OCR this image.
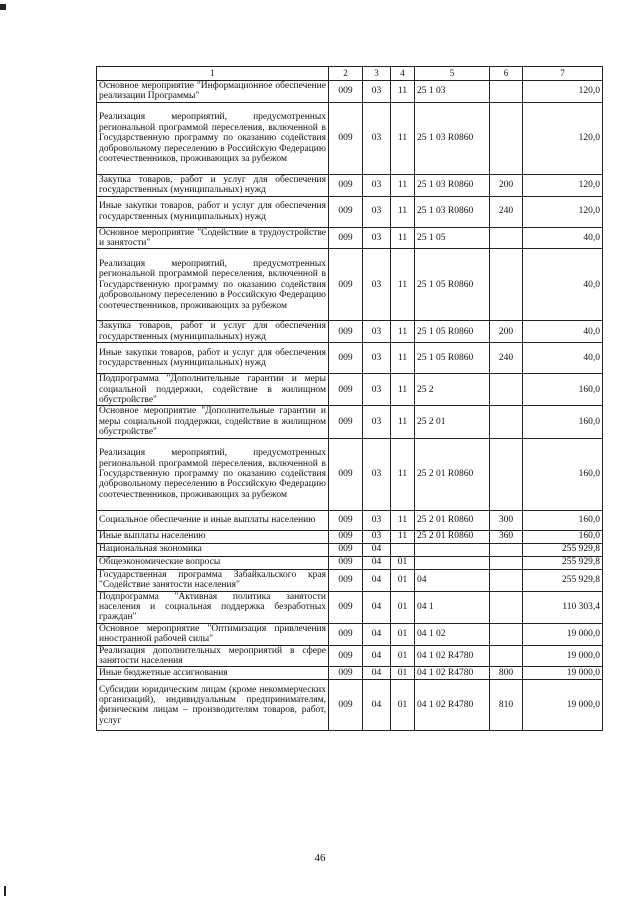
1	2	3	4	5	6	7
Основное мероприятие "Информационное обеспечение реализации Программы"	009	03	11	25 1 03		120,0
Реализация мероприятий, предусмотренных региональной программой переселения, включенной в Государственную программу по оказанию содействия добровольному переселению в Российскую Федерацию соотечественников, проживающих за рубежом	009	03	11	25 1 03 R0860		120,0
Закупка товаров, работ и услуг для обеспечения государственных (муниципальных) нужд	009	03	11	25 1 03 R0860	200	120,0
Иные закупки товаров, работ и услуг для обеспечения государственных (муниципальных) нужд	009	03	11	25 1 03 R0860	240	120,0
Основное мероприятие "Содействие в трудоустройстве и занятости"	009	03	11	25 1 05		40,0
Реализация мероприятий, предусмотренных региональной программой переселения, включенной в Государственную программу по оказанию содействия добровольному переселению в Российскую Федерацию соотечественников, проживающих за рубежом	009	03	11	25 1 05 R0860		40,0
Закупка товаров, работ и услуг для обеспечения государственных (муниципальных) нужд	009	03	11	25 1 05 R0860	200	40,0
Иные закупки товаров, работ и услуг для обеспечения государственных (муниципальных) нужд	009	03	11	25 1 05 R0860	240	40,0
Подпрограмма "Дополнительные гарантии и меры социальной поддержки, содействие в жилищном обустройстве"	009	03	11	25 2		160,0
Основное мероприятие "Дополнительные гарантии и меры социальной поддержки, содействие в жилищном обустройстве"	009	03	11	25 2 01		160,0
Реализация мероприятий, предусмотренных региональной программой переселения, включенной в Государственную программу по оказанию содействия добровольному переселению в Российскую Федерацию соотечественников, проживающих за рубежом	009	03	11	25 2 01 R0860		160,0
Социальное обеспечение и иные выплаты населению	009	03	11	25 2 01 R0860	300	160,0
Иные выплаты населению	009	03	11	25 2 01 R0860	360	160,0
Национальная экономика	009	04				255 929,8
Общеэкономические вопросы	009	04	01			255 929,8
Государственная программа Забайкальского края "Содействие занятости населения"	009	04	01	04		255 929,8
Подпрограмма "Активная политика занятости населения и социальная поддержка безработных граждан"	009	04	01	04 1		110 303,4
Основное мероприятие "Оптимизация привлечения иностранной рабочей силы"	009	04	01	04 1 02		19 000,0
Реализация дополнительных мероприятий в сфере занятости населения	009	04	01	04 1 02 R4780		19 000,0
Иные бюджетные ассигнования	009	04	01	04 1 02 R4780	800	19 000,0
Субсидии юридическим лицам (кроме некоммерческих организаций), индивидуальным предпринимателям, физическим лицам – производителям товаров, работ, услуг	009	04	01	04 1 02 R4780	810	19 000,0
46
